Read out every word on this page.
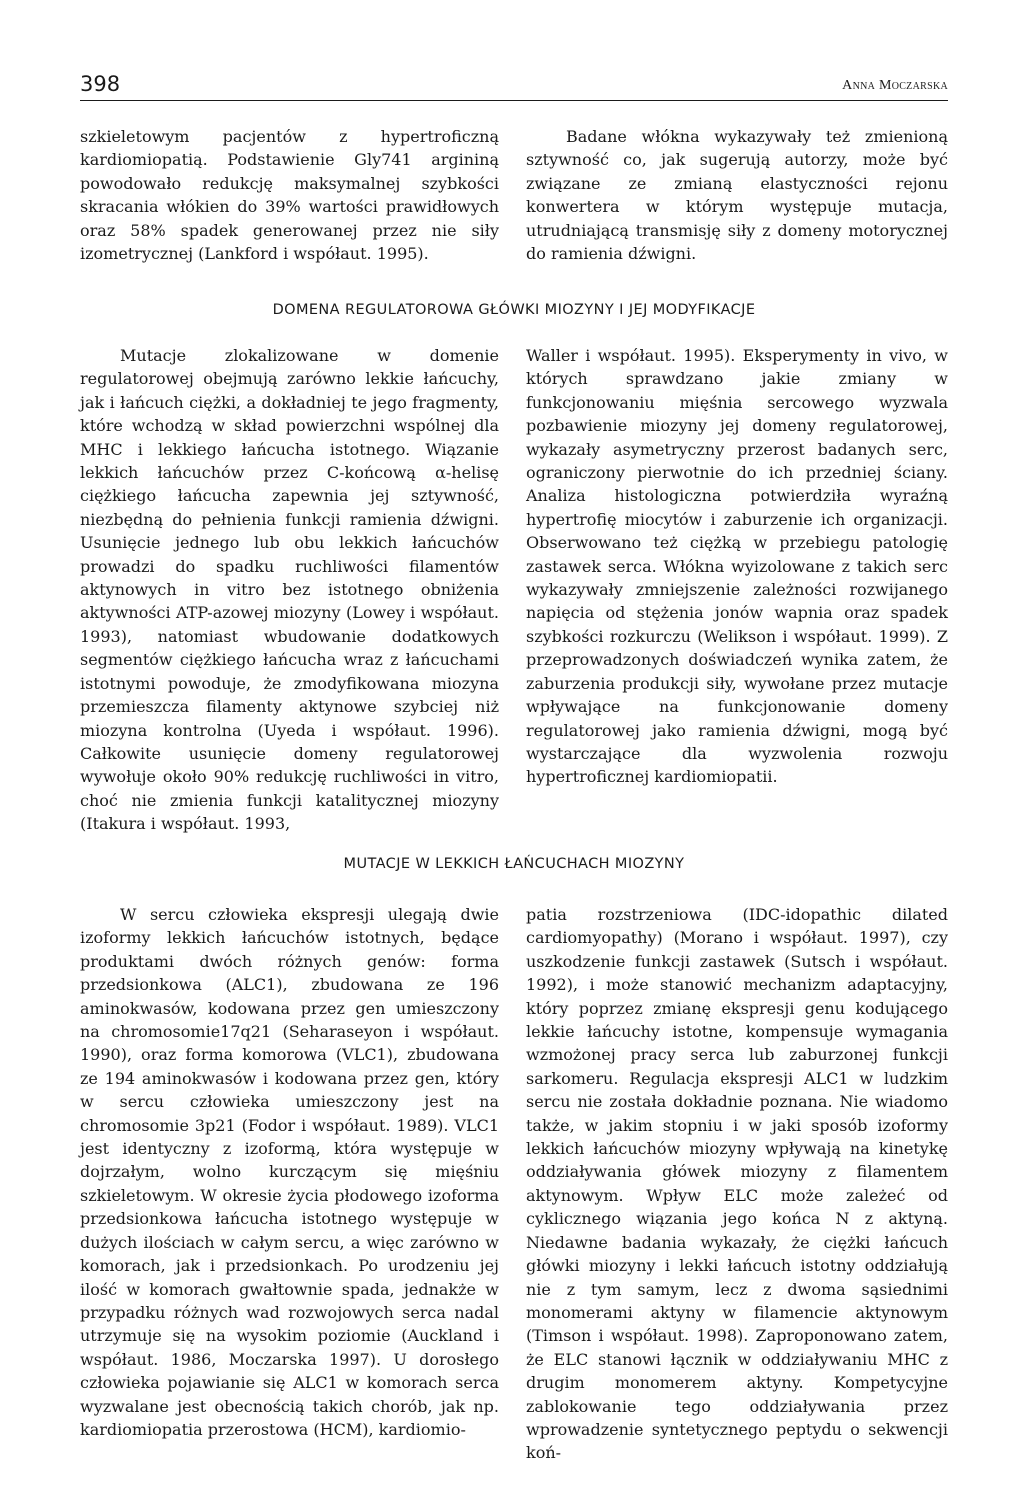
398	Anna Moczarska

szkieletowym pacjentów z hypertroficzną kardiomiopatią. Podstawienie Gly741 argininą powodowało redukcję maksymalnej szybkości skracania włókien do 39% wartości prawidłowych oraz 58% spadek generowanej przez nie siły izometrycznej (Lankford i współaut. 1995).

Badane włókna wykazywały też zmienioną sztywność co, jak sugerują autorzy, może być związane ze zmianą elastyczności rejonu konwertera w którym występuje mutacja, utrudniającą transmisję siły z domeny motorycznej do ramienia dźwigni.

DOMENA REGULATOROWA GŁÓWKI MIOZYNY I JEJ MODYFIKACJE

Mutacje zlokalizowane w domenie regulatorowej obejmują zarówno lekkie łańcuchy, jak i łańcuch ciężki, a dokładniej te jego fragmenty, które wchodzą w skład powierzchni wspólnej dla MHC i lekkiego łańcucha istotnego. Wiązanie lekkich łańcuchów przez C-końcową α-helisę ciężkiego łańcucha zapewnia jej sztywność, niezbędną do pełnienia funkcji ramienia dźwigni. Usunięcie jednego lub obu lekkich łańcuchów prowadzi do spadku ruchliwości filamentów aktynowych in vitro bez istotnego obniżenia aktywności ATP-azowej miozyny (Lowey i współaut. 1993), natomiast wbudowanie dodatkowych segmentów ciężkiego łańcucha wraz z łańcuchami istotnymi powoduje, że zmodyfikowana miozyna przemieszcza filamenty aktynowe szybciej niż miozyna kontrolna (Uyeda i współaut. 1996). Całkowite usunięcie domeny regulatorowej wywołuje około 90% redukcję ruchliwości in vitro, choć nie zmienia funkcji katalitycznej miozyny (Itakura i współaut. 1993,

Waller i współaut. 1995). Eksperymenty in vivo, w których sprawdzano jakie zmiany w funkcjonowaniu mięśnia sercowego wyzwala pozbawienie miozyny jej domeny regulatorowej, wykazały asymetryczny przerost badanych serc, ograniczony pierwotnie do ich przedniej ściany. Analiza histologiczna potwierdziła wyraźną hypertrofię miocytów i zaburzenie ich organizacji. Obserwowano też ciężką w przebiegu patologię zastawek serca. Włókna wyizolowane z takich serc wykazywały zmniejszenie zależności rozwijanego napięcia od stężenia jonów wapnia oraz spadek szybkości rozkurczu (Welikson i współaut. 1999). Z przeprowadzonych doświadczeń wynika zatem, że zaburzenia produkcji siły, wywołane przez mutacje wpływające na funkcjonowanie domeny regulatorowej jako ramienia dźwigni, mogą być wystarczające dla wyzwolenia rozwoju hypertroficznej kardiomiopatii.

MUTACJE W LEKKICH ŁAŃCUCHACH MIOZYNY

W sercu człowieka ekspresji ulegają dwie izoformy lekkich łańcuchów istotnych, będące produktami dwóch różnych genów: forma przedsionkowa (ALC1), zbudowana ze 196 aminokwasów, kodowana przez gen umieszczony na chromosomie17q21 (Seharaseyon i współaut. 1990), oraz forma komorowa (VLC1), zbudowana ze 194 aminokwasów i kodowana przez gen, który w sercu człowieka umieszczony jest na chromosomie 3p21 (Fodor i współaut. 1989). VLC1 jest identyczny z izoformą, która występuje w dojrzałym, wolno kurczącym się mięśniu szkieletowym. W okresie życia płodowego izoforma przedsionkowa łańcucha istotnego występuje w dużych ilościach w całym sercu, a więc zarówno w komorach, jak i przedsionkach. Po urodzeniu jej ilość w komorach gwałtownie spada, jednakże w przypadku różnych wad rozwojowych serca nadal utrzymuje się na wysokim poziomie (Auckland i współaut. 1986, Moczarska 1997). U dorosłego człowieka pojawianie się ALC1 w komorach serca wyzwalane jest obecnością takich chorób, jak np. kardiomiopatia przerostowa (HCM), kardiomio-

patia rozstrzeniowa (IDC-idopathic dilated cardiomyopathy) (Morano i współaut. 1997), czy uszkodzenie funkcji zastawek (Sutsch i współaut. 1992), i może stanowić mechanizm adaptacyjny, który poprzez zmianę ekspresji genu kodującego lekkie łańcuchy istotne, kompensuje wymagania wzmożonej pracy serca lub zaburzonej funkcji sarkomeru. Regulacja ekspresji ALC1 w ludzkim sercu nie została dokładnie poznana. Nie wiadomo także, w jakim stopniu i w jaki sposób izoformy lekkich łańcuchów miozyny wpływają na kinetykę oddziaływania główek miozyny z filamentem aktynowym. Wpływ ELC może zależeć od cyklicznego wiązania jego końca N z aktyną. Niedawne badania wykazały, że ciężki łańcuch główki miozyny i lekki łańcuch istotny oddziałują nie z tym samym, lecz z dwoma sąsiednimi monomerami aktyny w filamencie aktynowym (Timson i współaut. 1998). Zaproponowano zatem, że ELC stanowi łącznik w oddziaływaniu MHC z drugim monomerem aktyny. Kompetycyjne zablokowanie tego oddziaływania przez wprowadzenie syntetycznego peptydu o sekwencji koń-
